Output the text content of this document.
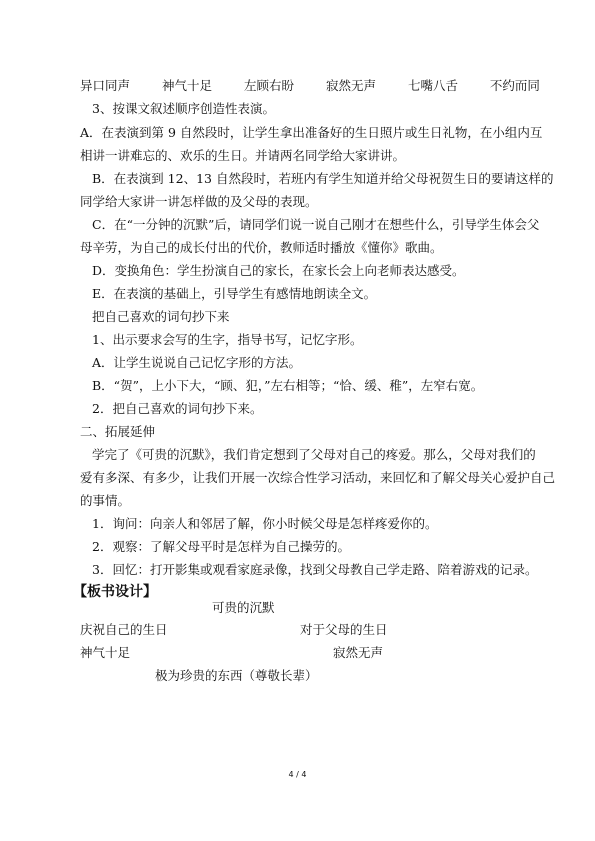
异口同声	神气十足	左顾右盼	寂然无声	七嘴八舌	不约而同
3、按课文叙述顺序创造性表演。
A．在表演到第 9 自然段时，让学生拿出准备好的生日照片或生日礼物，在小组内互
相讲一讲难忘的、欢乐的生日。并请两名同学给大家讲讲。
B．在表演到 12、13 自然段时，若班内有学生知道并给父母祝贺生日的要请这样的
同学给大家讲一讲怎样做的及父母的表现。
C．在“一分钟的沉默”后，请同学们说一说自己刚才在想些什么，引导学生体会父
母辛劳，为自己的成长付出的代价，教师适时播放《懂你》歌曲。
D．变换角色：学生扮演自己的家长，在家长会上向老师表达感受。
E．在表演的基础上，引导学生有感情地朗读全文。
把自己喜欢的词句抄下来
1、出示要求会写的生字，指导书写，记忆字形。
A．让学生说说自己记忆字形的方法。
B．“贺”，上小下大，“顾、犯，”左右相等；“恰、缓、稚”，左窄右宽。
2．把自己喜欢的词句抄下来。
二、拓展延伸
学完了《可贵的沉默》，我们肯定想到了父母对自己的疼爱。那么，父母对我们的
爱有多深、有多少，让我们开展一次综合性学习活动，来回忆和了解父母关心爱护自己
的事情。
1．询问：向亲人和邻居了解，你小时候父母是怎样疼爱你的。
2．观察：了解父母平时是怎样为自己操劳的。
3．回忆：打开影集或观看家庭录像，找到父母教自己学走路、陪着游戏的记录。
【板书设计】
可贵的沉默
庆祝自己的生日	对于父母的生日
神气十足	寂然无声
极为珍贵的东西（尊敬长辈）
4 / 4
